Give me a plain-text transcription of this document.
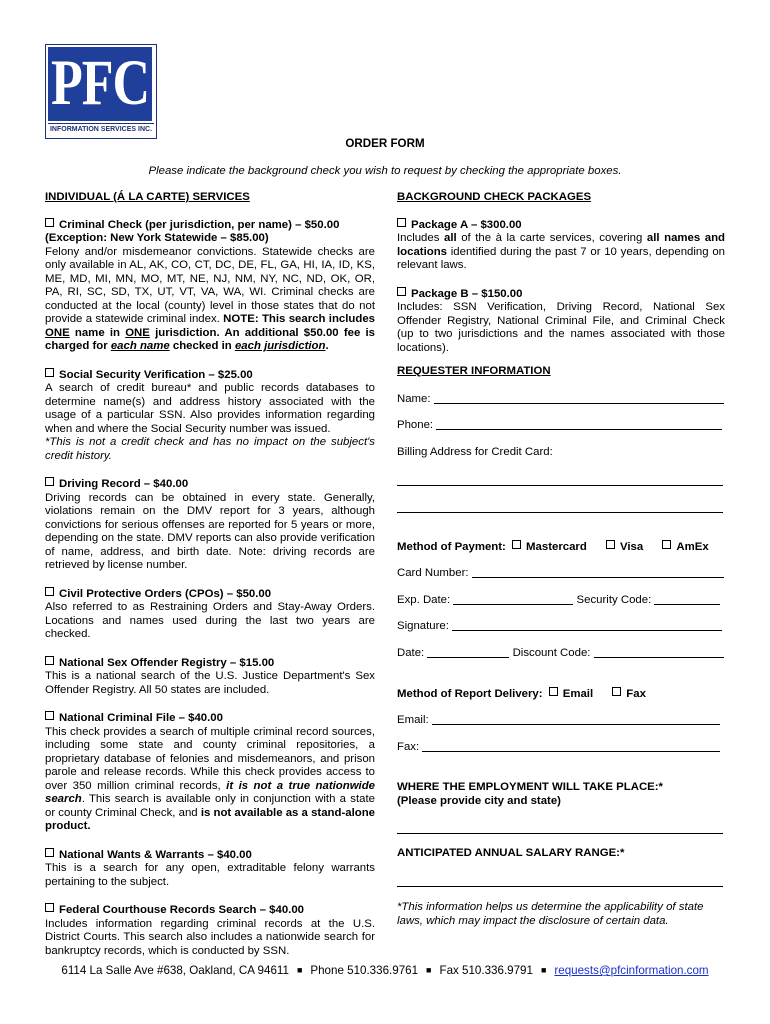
PFC
INFORMATION SERVICES INC.
ORDER FORM
Please indicate the background check you wish to request by checking the appropriate boxes.
INDIVIDUAL (Á LA CARTE) SERVICES
Criminal Check (per jurisdiction, per name) – $50.00
(Exception: New York Statewide – $85.00)
Felony and/or misdemeanor convictions. Statewide checks are only available in AL, AK, CO, CT, DC, DE, FL, GA, HI, IA, ID, KS, ME, MD, MI, MN, MO, MT, NE, NJ, NM, NY, NC, ND, OK, OR, PA, RI, SC, SD, TX, UT, VT, VA, WA, WI. Criminal checks are conducted at the local (county) level in those states that do not provide a statewide criminal index. NOTE: This search includes ONE name in ONE jurisdiction. An additional $50.00 fee is charged for each name checked in each jurisdiction.
Social Security Verification – $25.00
A search of credit bureau* and public records databases to determine name(s) and address history associated with the usage of a particular SSN. Also provides information regarding when and where the Social Security number was issued.
*This is not a credit check and has no impact on the subject's credit history.
Driving Record – $40.00
Driving records can be obtained in every state. Generally, violations remain on the DMV report for 3 years, although convictions for serious offenses are reported for 5 years or more, depending on the state. DMV reports can also provide verification of name, address, and birth date. Note: driving records are retrieved by license number.
Civil Protective Orders (CPOs) – $50.00
Also referred to as Restraining Orders and Stay-Away Orders. Locations and names used during the last two years are checked.
National Sex Offender Registry – $15.00
This is a national search of the U.S. Justice Department's Sex Offender Registry. All 50 states are included.
National Criminal File – $40.00
This check provides a search of multiple criminal record sources, including some state and county criminal repositories, a proprietary database of felonies and misdemeanors, and prison parole and release records. While this check provides access to over 350 million criminal records, it is not a true nationwide search. This search is available only in conjunction with a state or county Criminal Check, and is not available as a stand-alone product.
National Wants & Warrants – $40.00
This is a search for any open, extraditable felony warrants pertaining to the subject.
Federal Courthouse Records Search – $40.00
Includes information regarding criminal records at the U.S. District Courts. This search also includes a nationwide search for bankruptcy records, which is conducted by SSN.
BACKGROUND CHECK PACKAGES
Package A – $300.00
Includes all of the à la carte services, covering all names and locations identified during the past 7 or 10 years, depending on relevant laws.
Package B – $150.00
Includes: SSN Verification, Driving Record, National Sex Offender Registry, National Criminal File, and Criminal Check (up to two jurisdictions and the names associated with those locations).
REQUESTER INFORMATION
Name:
Phone:
Billing Address for Credit Card:
Method of Payment: Mastercard	Visa	AmEx
Card Number:
Exp. Date:	Security Code:
Signature:
Date:	Discount Code:
Method of Report Delivery: Email	Fax
Email:
Fax:
WHERE THE EMPLOYMENT WILL TAKE PLACE:*
(Please provide city and state)
ANTICIPATED ANNUAL SALARY RANGE:*
*This information helps us determine the applicability of state laws, which may impact the disclosure of certain data.
6114 La Salle Ave #638, Oakland, CA 94611 ■ Phone 510.336.9761 ■ Fax 510.336.9791 ■ requests@pfcinformation.com
